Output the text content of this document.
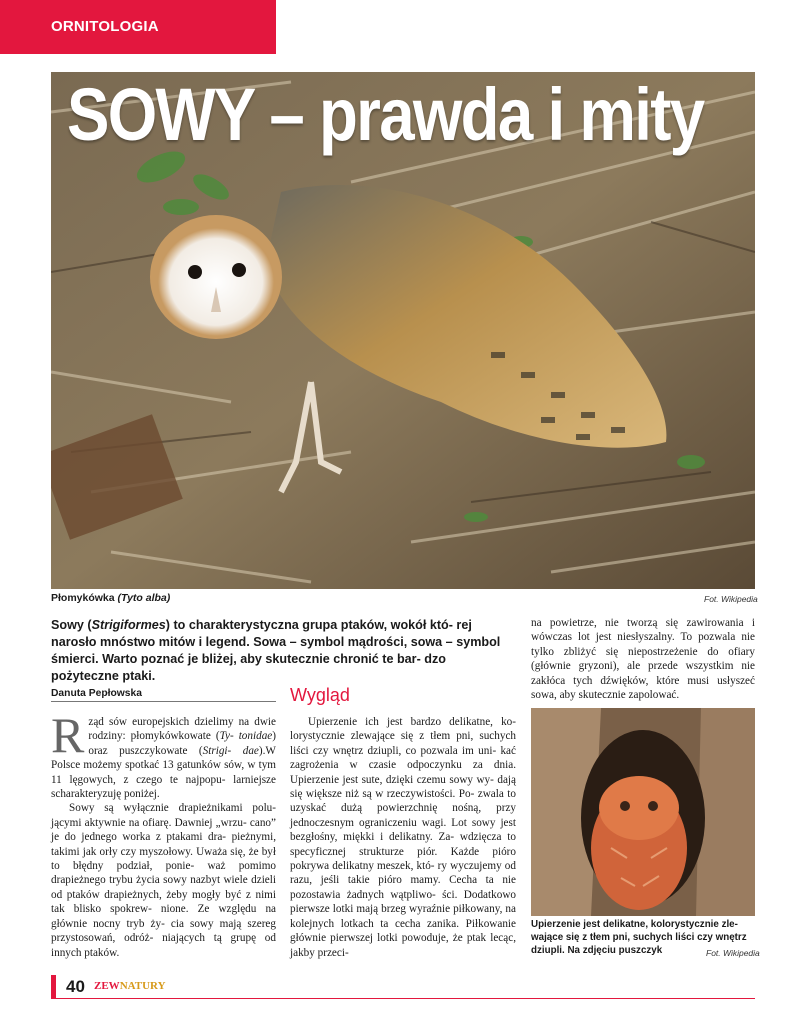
ORNITOLOGIA
SOWY – prawda i mity
Płomykówka (Tyto alba)	Fot. Wikipedia
Sowy (Strigiformes) to charakterystyczna grupa ptaków, wokół któ- rej narosło mnóstwo mitów i legend. Sowa – symbol mądrości, sowa – symbol śmierci. Warto poznać je bliżej, aby skutecznie chronić te bar- dzo pożyteczne ptaki.
Danuta Pepłowska

Rząd sów europejskich dzielimy na dwie rodziny: płomykówkowate (Ty- tonidae) oraz puszczykowate (Strigi- dae).W Polsce możemy spotkać 13 gatunków sów, w tym 11 lęgowych, z czego te najpopu- larniejsze scharakteryzuję poniżej.

Sowy są wyłącznie drapieżnikami polu- jącymi aktywnie na ofiarę. Dawniej „wrzu- cano” je do jednego worka z ptakami dra- pieżnymi, takimi jak orły czy myszołowy. Uważa się, że był to błędny podział, ponie- waż pomimo drapieżnego trybu życia sowy nazbyt wiele dzieli od ptaków drapieżnych, żeby mogły być z nimi tak blisko spokrew- nione. Ze względu na głównie nocny tryb ży- cia sowy mają szereg przystosowań, odróż- niających tą grupę od innych ptaków.

Wygląd

Upierzenie ich jest bardzo delikatne, ko- lorystycznie zlewające się z tłem pni, suchych liści czy wnętrz dziupli, co pozwala im uni- kać zagrożenia w czasie odpoczynku za dnia. Upierzenie jest sute, dzięki czemu sowy wy- dają się większe niż są w rzeczywistości. Po- zwala to uzyskać dużą powierzchnię nośną, przy jednoczesnym ograniczeniu wagi. Lot sowy jest bezgłośny, miękki i delikatny. Za- wdzięcza to specyficznej strukturze piór. Każde pióro pokrywa delikatny meszek, któ- ry wyczujemy od razu, jeśli takie pióro mamy. Cecha ta nie pozostawia żadnych wątpliwo- ści. Dodatkowo pierwsze lotki mają brzeg wyraźnie piłkowany, na kolejnych lotkach ta cecha zanika. Piłkowanie głównie pierwszej lotki powoduje, że ptak lecąc, jakby przeci-

na powietrze, nie tworzą się zawirowania i wówczas lot jest niesłyszalny. To pozwala nie tylko zbliżyć się niepostrzeżenie do ofiary (głównie gryzoni), ale przede wszystkim nie zakłóca tych dźwięków, które musi usłyszeć sowa, aby skutecznie zapolować.

Upierzenie jest delikatne, kolorystycznie zle- wające się z tłem pni, suchych liści czy wnętrz dziupli. Na zdjęciu puszczyk	Fot. Wikipedia
40 ZEWNATURY
